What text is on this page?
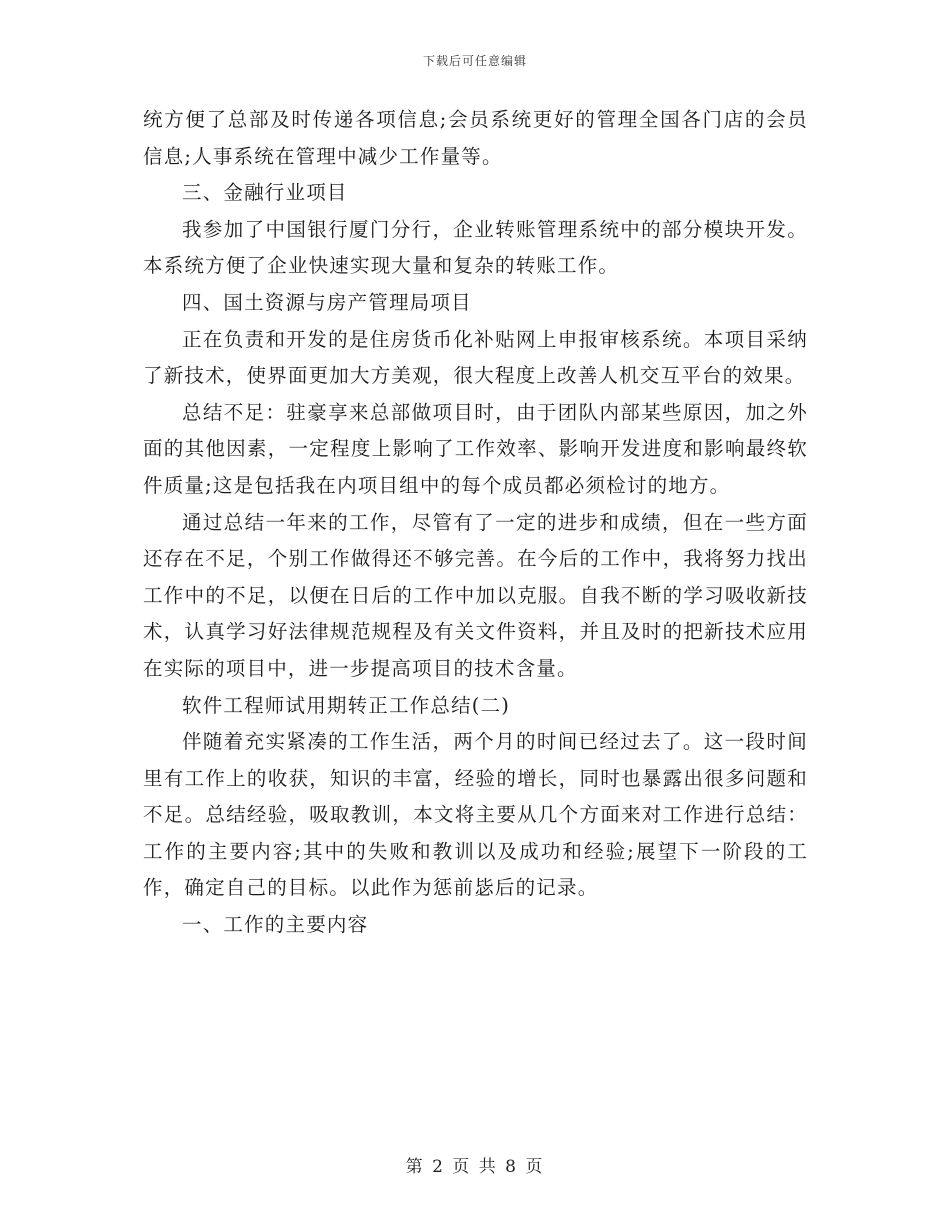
下载后可任意编辑

统方便了总部及时传递各项信息;会员系统更好的管理全国各门店的会员信息;人事系统在管理中减少工作量等。

三、金融行业项目

我参加了中国银行厦门分行，企业转账管理系统中的部分模块开发。本系统方便了企业快速实现大量和复杂的转账工作。

四、国土资源与房产管理局项目

正在负责和开发的是住房货币化补贴网上申报审核系统。本项目采纳了新技术，使界面更加大方美观，很大程度上改善人机交互平台的效果。

总结不足：驻豪享来总部做项目时，由于团队内部某些原因，加之外面的其他因素，一定程度上影响了工作效率、影响开发进度和影响最终软件质量;这是包括我在内项目组中的每个成员都必须检讨的地方。

通过总结一年来的工作，尽管有了一定的进步和成绩，但在一些方面还存在不足，个别工作做得还不够完善。在今后的工作中，我将努力找出工作中的不足，以便在日后的工作中加以克服。自我不断的学习吸收新技术，认真学习好法律规范规程及有关文件资料，并且及时的把新技术应用在实际的项目中，进一步提高项目的技术含量。

软件工程师试用期转正工作总结(二)

伴随着充实紧凑的工作生活，两个月的时间已经过去了。这一段时间里有工作上的收获，知识的丰富，经验的增长，同时也暴露出很多问题和不足。总结经验，吸取教训，本文将主要从几个方面来对工作进行总结：工作的主要内容;其中的失败和教训以及成功和经验;展望下一阶段的工作，确定自己的目标。以此作为惩前毖后的记录。

一、工作的主要内容

第 2 页 共 8 页
